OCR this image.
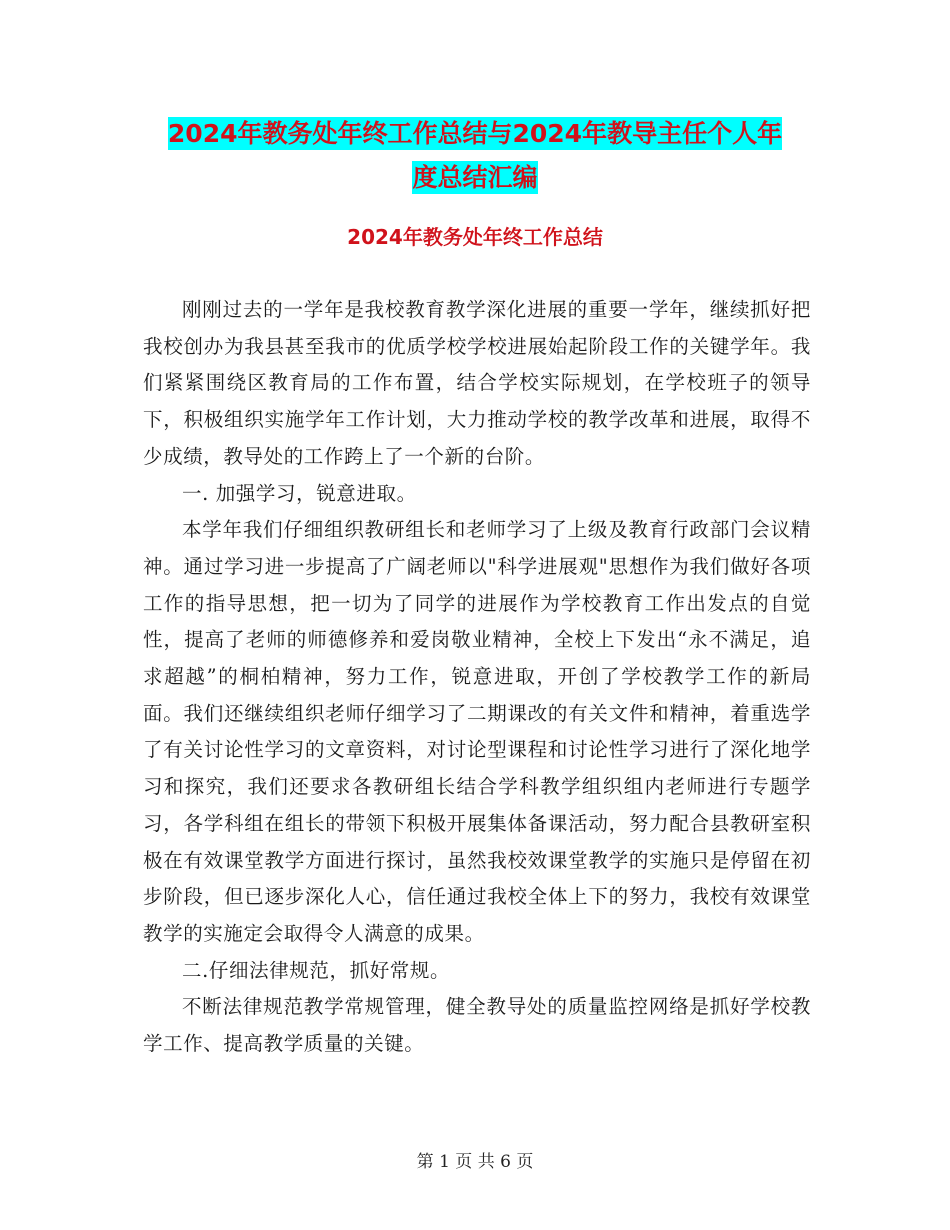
2024年教务处年终工作总结与2024年教导主任个人年
度总结汇编
2024年教务处年终工作总结

刚刚过去的一学年是我校教育教学深化进展的重要一学年，继续抓好把我校创办为我县甚至我市的优质学校学校进展始起阶段工作的关键学年。我们紧紧围绕区教育局的工作布置，结合学校实际规划，在学校班子的领导下，积极组织实施学年工作计划，大力推动学校的教学改革和进展，取得不少成绩，教导处的工作跨上了一个新的台阶。

一. 加强学习，锐意进取。

本学年我们仔细组织教研组长和老师学习了上级及教育行政部门会议精神。通过学习进一步提高了广阔老师以"科学进展观"思想作为我们做好各项工作的指导思想，把一切为了同学的进展作为学校教育工作出发点的自觉性，提高了老师的师德修养和爱岗敬业精神，全校上下发出“永不满足，追求超越”的桐柏精神，努力工作，锐意进取，开创了学校教学工作的新局面。我们还继续组织老师仔细学习了二期课改的有关文件和精神，着重选学了有关讨论性学习的文章资料，对讨论型课程和讨论性学习进行了深化地学习和探究，我们还要求各教研组长结合学科教学组织组内老师进行专题学习，各学科组在组长的带领下积极开展集体备课活动，努力配合县教研室积极在有效课堂教学方面进行探讨，虽然我校效课堂教学的实施只是停留在初步阶段，但已逐步深化人心，信任通过我校全体上下的努力，我校有效课堂教学的实施定会取得令人满意的成果。

二.仔细法律规范，抓好常规。

不断法律规范教学常规管理，健全教导处的质量监控网络是抓好学校教学工作、提高教学质量的关键。

第 1 页 共 6 页
